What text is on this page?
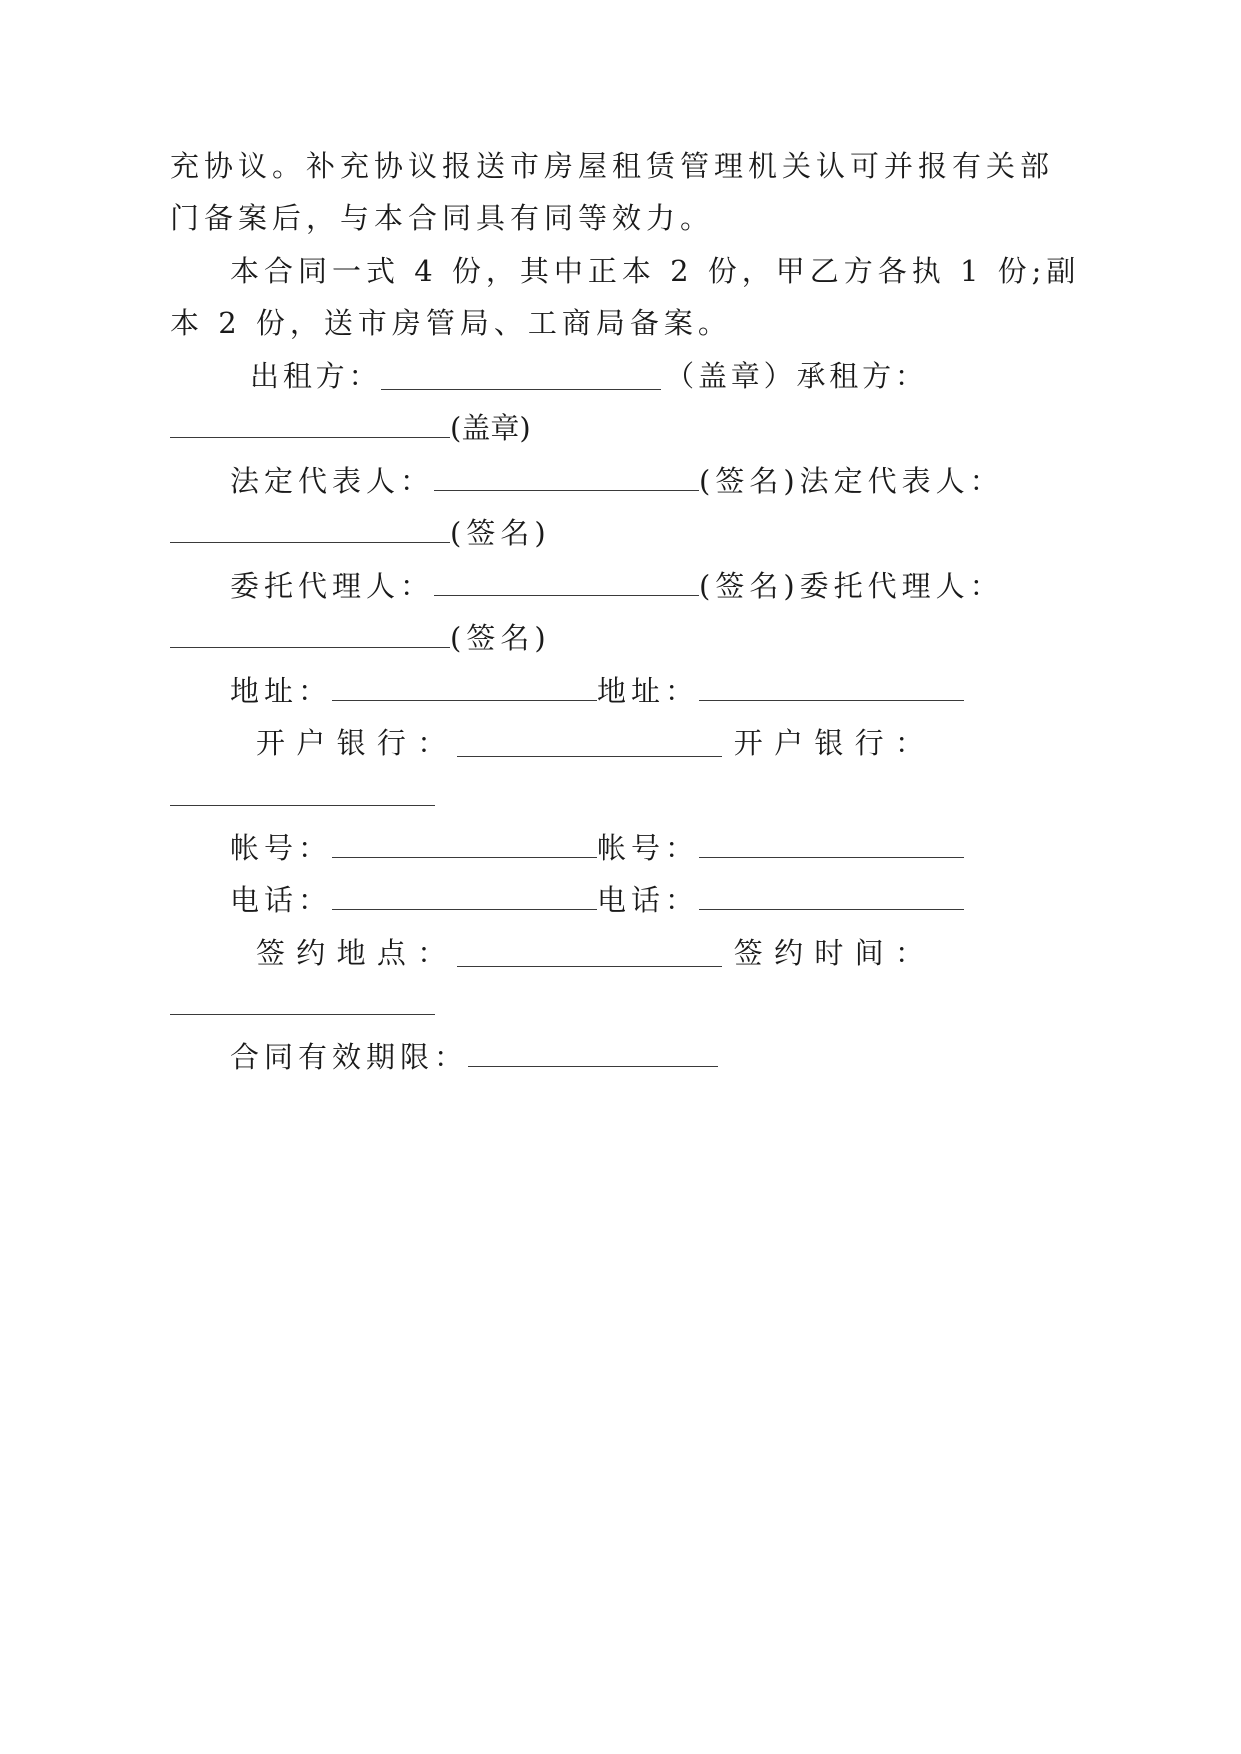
充协议。补充协议报送市房屋租赁管理机关认可并报有关部
门备案后，与本合同具有同等效力。
本合同一式 4 份，其中正本 2 份，甲乙方各执 1 份;副
本 2 份，送市房管局、工商局备案。
出 租 方 ：	（ 盖 章 ） 承 租 方 ：
(盖章)
法定代表人：	(签名)法定代表人：
(签名)
委托代理人：	(签名)委托代理人：
(签名)
地址：	地址：
开 户 银 行 ：	开 户 银 行 ：
帐号：	帐号：
电话：	电话：
签 约 地 点 ：	签 约 时 间 ：
合同有效期限：
